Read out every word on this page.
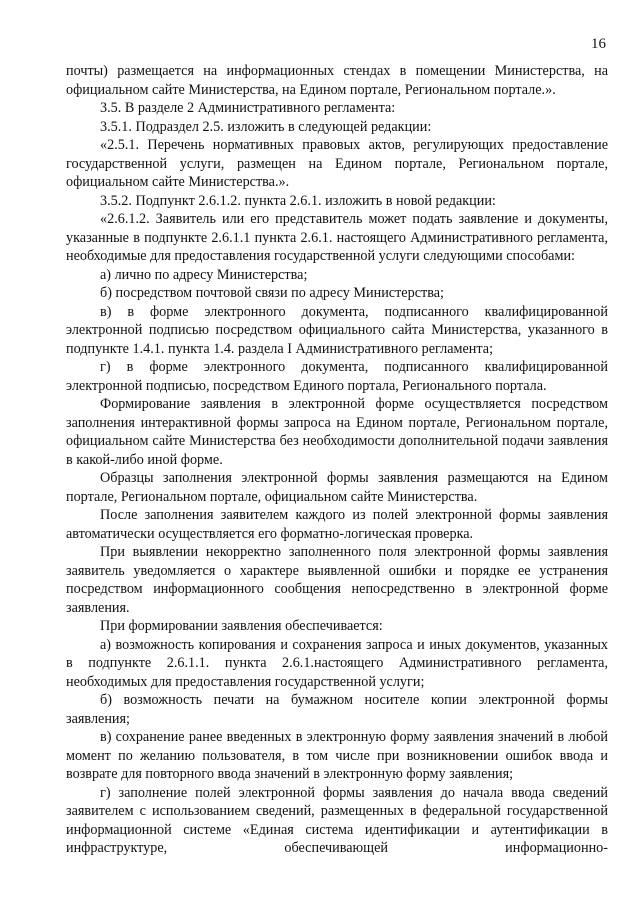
16

почты) размещается на информационных стендах в помещении Министерства, на официальном сайте Министерства, на Едином портале, Региональном портале.».

3.5. В разделе 2 Административного регламента:

3.5.1. Подраздел 2.5. изложить в следующей редакции:

«2.5.1. Перечень нормативных правовых актов, регулирующих предоставление государственной услуги, размещен на Едином портале, Региональном портале, официальном сайте Министерства.».

3.5.2. Подпункт 2.6.1.2. пункта 2.6.1. изложить в новой редакции:

«2.6.1.2. Заявитель или его представитель может подать заявление и документы, указанные в подпункте 2.6.1.1 пункта 2.6.1. настоящего Административного регламента, необходимые для предоставления государственной услуги следующими способами:

а) лично по адресу Министерства;

б) посредством почтовой связи по адресу Министерства;

в) в форме электронного документа, подписанного квалифицированной электронной подписью посредством официального сайта Министерства, указанного в подпункте 1.4.1. пункта 1.4. раздела I Административного регламента;

г) в форме электронного документа, подписанного квалифицированной электронной подписью, посредством Единого портала, Регионального портала.

Формирование заявления в электронной форме осуществляется посредством заполнения интерактивной формы запроса на Едином портале, Региональном портале, официальном сайте Министерства без необходимости дополнительной подачи заявления в какой-либо иной форме.

Образцы заполнения электронной формы заявления размещаются на Едином портале, Региональном портале, официальном сайте Министерства.

После заполнения заявителем каждого из полей электронной формы заявления автоматически осуществляется его форматно-логическая проверка.

При выявлении некорректно заполненного поля электронной формы заявления заявитель уведомляется о характере выявленной ошибки и порядке ее устранения посредством информационного сообщения непосредственно в электронной форме заявления.

При формировании заявления обеспечивается:

а) возможность копирования и сохранения запроса и иных документов, указанных в подпункте 2.6.1.1. пункта 2.6.1.настоящего Административного регламента, необходимых для предоставления государственной услуги;

б) возможность печати на бумажном носителе копии электронной формы заявления;

в) сохранение ранее введенных в электронную форму заявления значений в любой момент по желанию пользователя, в том числе при возникновении ошибок ввода и возврате для повторного ввода значений в электронную форму заявления;

г) заполнение полей электронной формы заявления до начала ввода сведений заявителем с использованием сведений, размещенных в федеральной государственной информационной системе «Единая система идентификации и аутентификации в инфраструктуре, обеспечивающей информационно-
